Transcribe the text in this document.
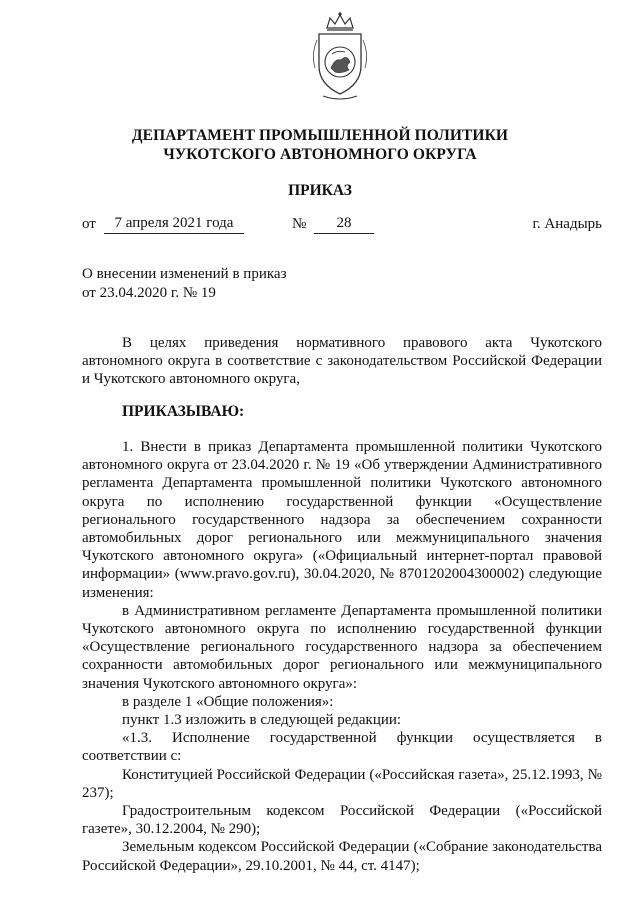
ДЕПАРТАМЕНТ ПРОМЫШЛЕННОЙ ПОЛИТИКИ
ЧУКОТСКОГО АВТОНОМНОГО ОКРУГА
ПРИКАЗ
от	7 апреля 2021 года	№	28	г. Анадырь
О внесении изменений в приказ
от 23.04.2020 г. № 19

В целях приведения нормативного правового акта Чукотского автономного округа в соответствие с законодательством Российской Федерации и Чукотского автономного округа,

ПРИКАЗЫВАЮ:

1. Внести в приказ Департамента промышленной политики Чукотского автономного округа от 23.04.2020 г. № 19 «Об утверждении Административного регламента Департамента промышленной политики Чукотского автономного округа по исполнению государственной функции «Осуществление регионального государственного надзора за обеспечением сохранности автомобильных дорог регионального или межмуниципального значения Чукотского автономного округа» («Официальный интернет-портал правовой информации» (www.pravo.gov.ru), 30.04.2020, № 8701202004300002) следующие изменения:

в Административном регламенте Департамента промышленной политики Чукотского автономного округа по исполнению государственной функции «Осуществление регионального государственного надзора за обеспечением сохранности автомобильных дорог регионального или межмуниципального значения Чукотского автономного округа»:

в разделе 1 «Общие положения»:

пункт 1.3 изложить в следующей редакции:

«1.3. Исполнение государственной функции осуществляется в соответствии с:

Конституцией Российской Федерации («Российская газета», 25.12.1993, № 237);

Градостроительным кодексом Российской Федерации («Российской газете», 30.12.2004, № 290);

Земельным кодексом Российской Федерации («Собрание законодательства Российской Федерации», 29.10.2001, № 44, ст. 4147);
